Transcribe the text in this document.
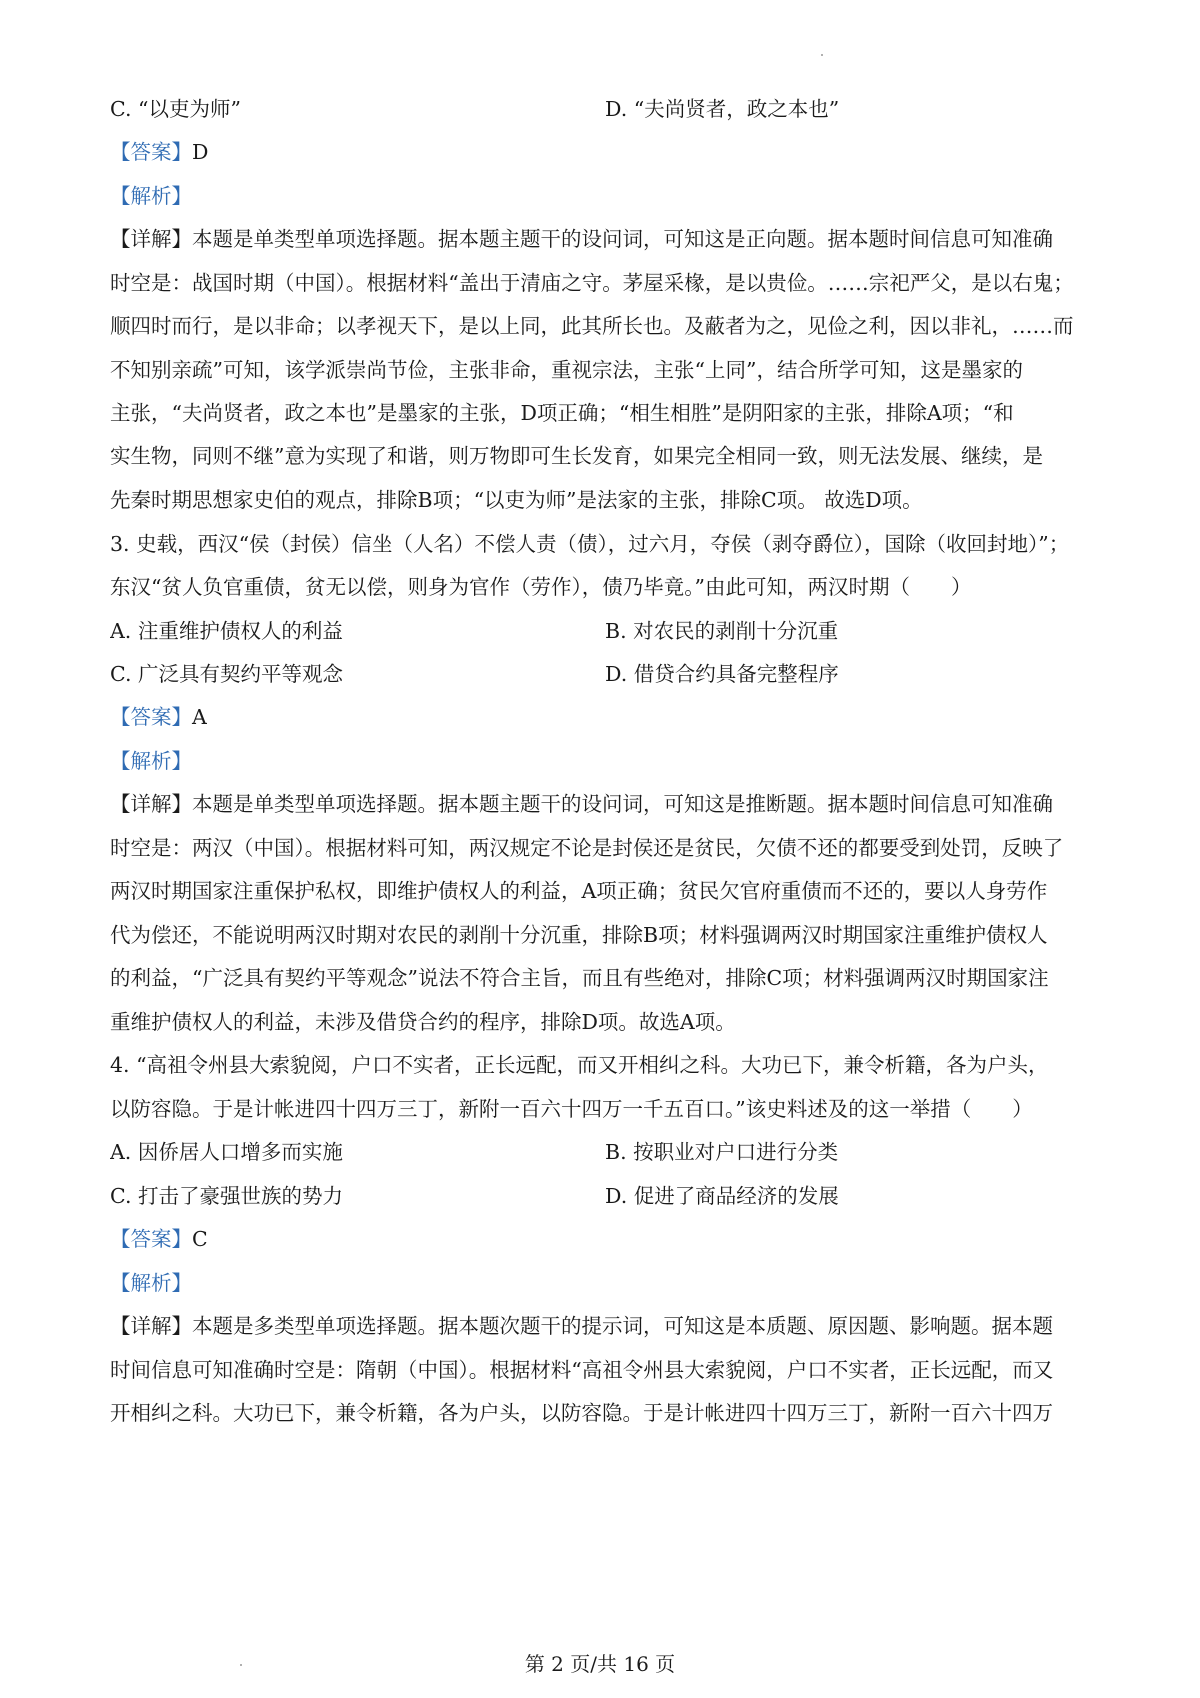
C. “以吏为师”	D. “夫尚贤者，政之本也”
【答案】D
【解析】
【详解】本题是单类型单项选择题。据本题主题干的设问词，可知这是正向题。据本题时间信息可知准确
时空是：战国时期（中国）。根据材料“盖出于清庙之守。茅屋采椽，是以贵俭。……宗祀严父，是以右鬼；
顺四时而行，是以非命；以孝视天下，是以上同，此其所长也。及蔽者为之，见俭之利，因以非礼，……而
不知别亲疏”可知，该学派崇尚节俭，主张非命，重视宗法，主张“上同”，结合所学可知，这是墨家的
主张，“夫尚贤者，政之本也”是墨家的主张，D项正确；“相生相胜”是阴阳家的主张，排除A项；“和
实生物，同则不继”意为实现了和谐，则万物即可生长发育，如果完全相同一致，则无法发展、继续，是
先秦时期思想家史伯的观点，排除B项；“以吏为师”是法家的主张，排除C项。 故选D项。
3. 史载，西汉“侯（封侯）信坐（人名）不偿人责（债），过六月，夺侯（剥夺爵位），国除（收回封地）”；
东汉“贫人负官重债，贫无以偿，则身为官作（劳作），债乃毕竟。”由此可知，两汉时期（　　）
A. 注重维护债权人的利益	B. 对农民的剥削十分沉重
C. 广泛具有契约平等观念	D. 借贷合约具备完整程序
【答案】A
【解析】
【详解】本题是单类型单项选择题。据本题主题干的设问词，可知这是推断题。据本题时间信息可知准确
时空是：两汉（中国）。根据材料可知，两汉规定不论是封侯还是贫民，欠债不还的都要受到处罚，反映了
两汉时期国家注重保护私权，即维护债权人的利益，A项正确；贫民欠官府重债而不还的，要以人身劳作
代为偿还，不能说明两汉时期对农民的剥削十分沉重，排除B项；材料强调两汉时期国家注重维护债权人
的利益，“广泛具有契约平等观念”说法不符合主旨，而且有些绝对，排除C项；材料强调两汉时期国家注
重维护债权人的利益，未涉及借贷合约的程序，排除D项。故选A项。
4. “高祖令州县大索貌阅，户口不实者，正长远配，而又开相纠之科。大功已下，兼令析籍，各为户头，
以防容隐。于是计帐进四十四万三丁，新附一百六十四万一千五百口。”该史料述及的这一举措（　　）
A. 因侨居人口增多而实施	B. 按职业对户口进行分类
C. 打击了豪强世族的势力	D. 促进了商品经济的发展
【答案】C
【解析】
【详解】本题是多类型单项选择题。据本题次题干的提示词，可知这是本质题、原因题、影响题。据本题
时间信息可知准确时空是：隋朝（中国）。根据材料“高祖令州县大索貌阅，户口不实者，正长远配，而又
开相纠之科。大功已下，兼令析籍，各为户头，以防容隐。于是计帐进四十四万三丁，新附一百六十四万
第 2 页/共 16 页
